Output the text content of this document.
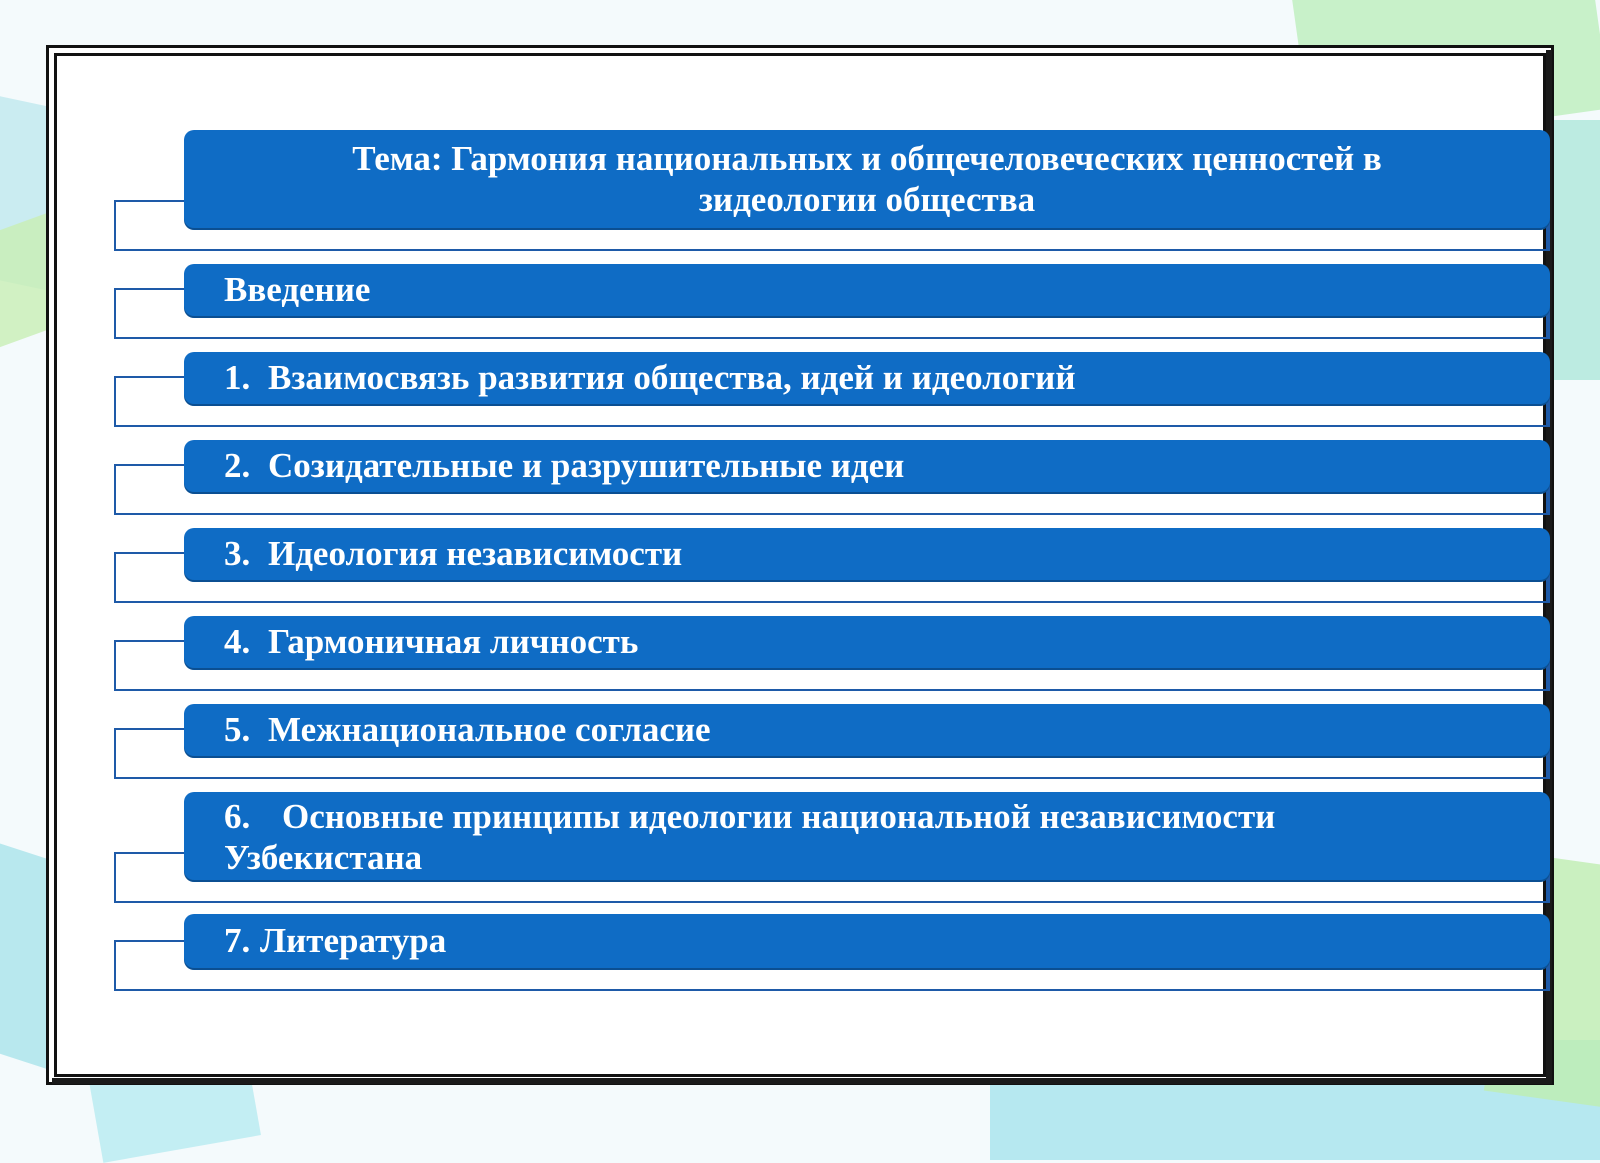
Тема: Гармония национальных и общечеловеческих ценностей в зидеологии общества
Введение
1. Взаимосвязь развития общества, идей и идеологий
2. Созидательные и разрушительные идеи
3. Идеология независимости
4. Гармоничная личность
5. Межнациональное согласие
6. Основные принципы идеологии национальной независимости Узбекистана
7. Литература
